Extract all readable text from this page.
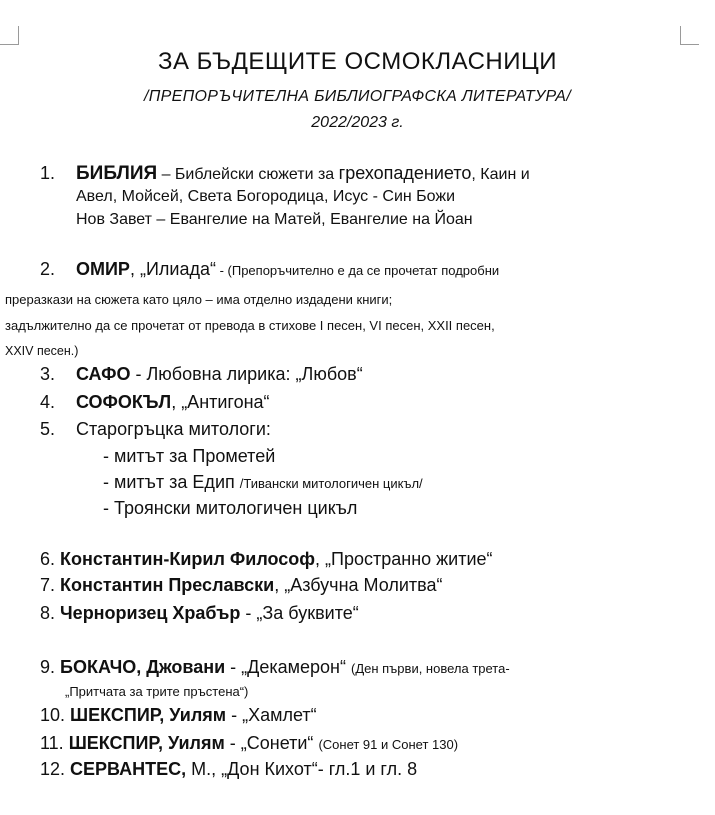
ЗА БЪДЕЩИТЕ ОСМОКЛАСНИЦИ
/ПРЕПОРЪЧИТЕЛНА БИБЛИОГРАФСКА ЛИТЕРАТУРА/
2022/2023 г.
1. БИБЛИЯ – Библейски сюжети за грехопадението, Каин и
Авел, Мойсей, Света Богородица, Исус - Син Божи
Нов Завет – Евангелие на Матей, Евангелие на Йоан
2. ОМИР, „Илиада“ - (Препоръчително е да се прочетат подробни
преразкази на сюжета като цяло – има отделно издадени книги;
задължително да се прочетат от превода в стихове I песен, VI песен, XXII песен,
XXIV песен.)
3. САФО - Любовна лирика: „Любов“
4. СОФОКЪЛ, „Антигона“
5. Старогръцка митологи:
- митът за Прометей
- митът за Едип /Тивански митологичен цикъл/
- Троянски митологичен цикъл
6. Константин-Кирил Философ, „Пространно житие“
7. Константин Преславски, „Азбучна Молитва“
8. Черноризец Храбър - „За буквите“
9. БОКАЧО, Джовани - „Декамерон“ (Ден първи, новела трета-
„Притчата за трите пръстена“)
10. ШЕКСПИР, Уилям - „Хамлет“
11. ШЕКСПИР, Уилям - „Сонети“ (Сонет 91 и Сонет 130)
12. СЕРВАНТЕС, М., „Дон Кихот“- гл.1 и гл. 8
